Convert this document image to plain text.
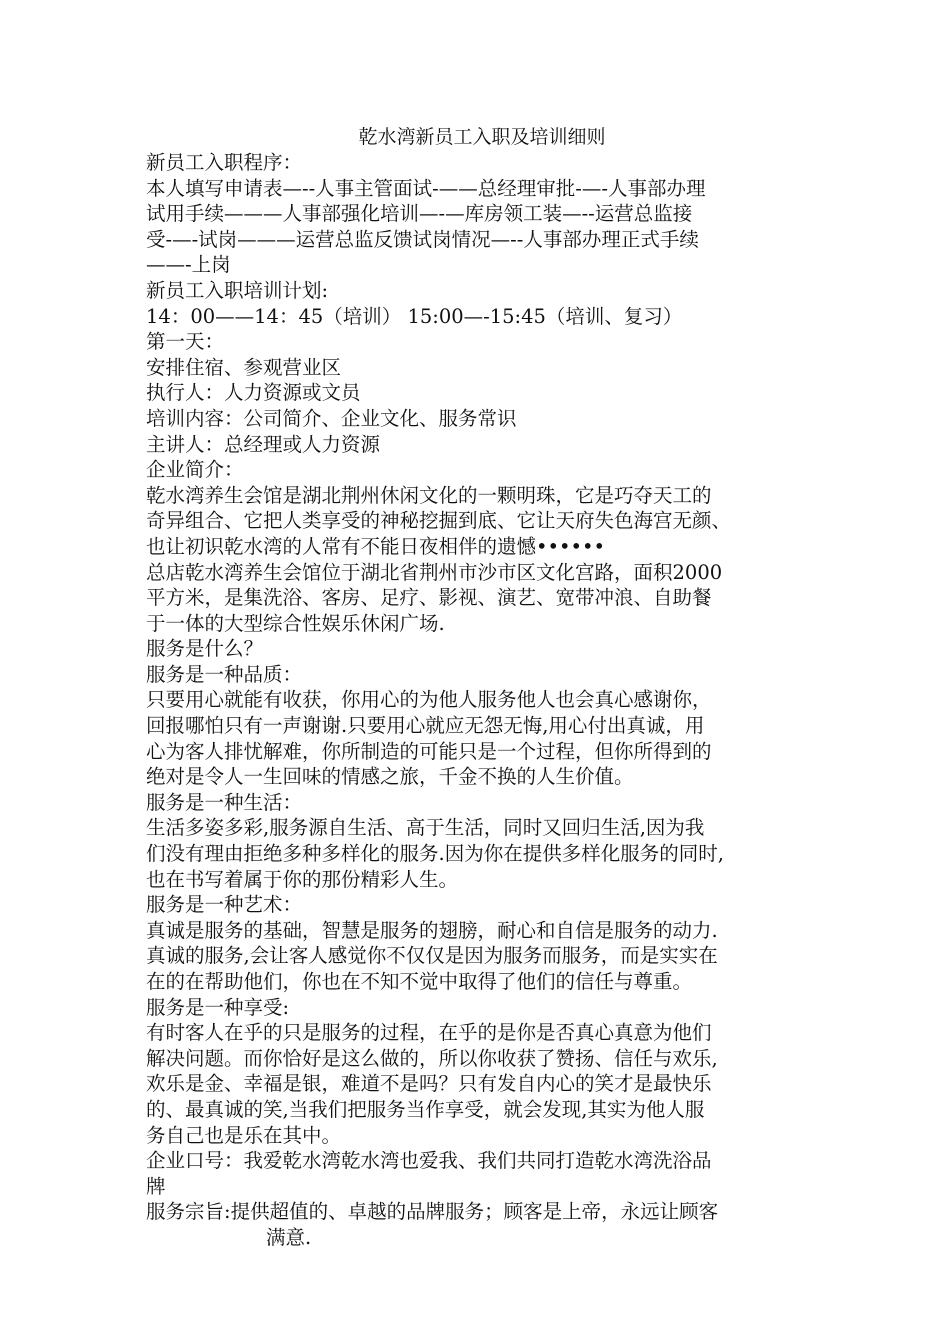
乾水湾新员工入职及培训细则

新员工入职程序：

本人填写申请表—--人事主管面试-——总经理审批-—-人事部办理

试用手续———人事部强化培训—-—库房领工装—--运营总监接

受-—-试岗———运营总监反馈试岗情况—--人事部办理正式手续

——-上岗

新员工入职培训计划:

14：00——14：45（培训） 15:00—-15:45（培训、复习）

第一天：

安排住宿、参观营业区

执行人：人力资源或文员

培训内容：公司简介、企业文化、服务常识

主讲人：总经理或人力资源

企业简介：

乾水湾养生会馆是湖北荆州休闲文化的一颗明珠，它是巧夺天工的

奇异组合、它把人类享受的神秘挖掘到底、它让天府失色海宫无颜、

也让初识乾水湾的人常有不能日夜相伴的遗憾••••••

总店乾水湾养生会馆位于湖北省荆州市沙市区文化宫路，面积2000

平方米，是集洗浴、客房、足疗、影视、演艺、宽带冲浪、自助餐

于一体的大型综合性娱乐休闲广场.

服务是什么？

服务是一种品质：

只要用心就能有收获，你用心的为他人服务他人也会真心感谢你，

回报哪怕只有一声谢谢.只要用心就应无怨无悔,用心付出真诚，用

心为客人排忧解难，你所制造的可能只是一个过程，但你所得到的

绝对是令人一生回味的情感之旅，千金不换的人生价值。

服务是一种生活：

生活多姿多彩,服务源自生活、高于生活，同时又回归生活,因为我

们没有理由拒绝多种多样化的服务.因为你在提供多样化服务的同时,

也在书写着属于你的那份精彩人生。

服务是一种艺术：

真诚是服务的基础，智慧是服务的翅膀，耐心和自信是服务的动力.

真诚的服务,会让客人感觉你不仅仅是因为服务而服务，而是实实在

在的在帮助他们，你也在不知不觉中取得了他们的信任与尊重。

服务是一种享受:

有时客人在乎的只是服务的过程，在乎的是你是否真心真意为他们

解决问题。而你恰好是这么做的，所以你收获了赞扬、信任与欢乐,

欢乐是金、幸福是银，难道不是吗？只有发自内心的笑才是最快乐

的、最真诚的笑,当我们把服务当作享受，就会发现,其实为他人服

务自己也是乐在其中。

企业口号：我爱乾水湾乾水湾也爱我、我们共同打造乾水湾洗浴品

牌

服务宗旨:提供超值的、卓越的品牌服务；顾客是上帝，永远让顾客

满意.
